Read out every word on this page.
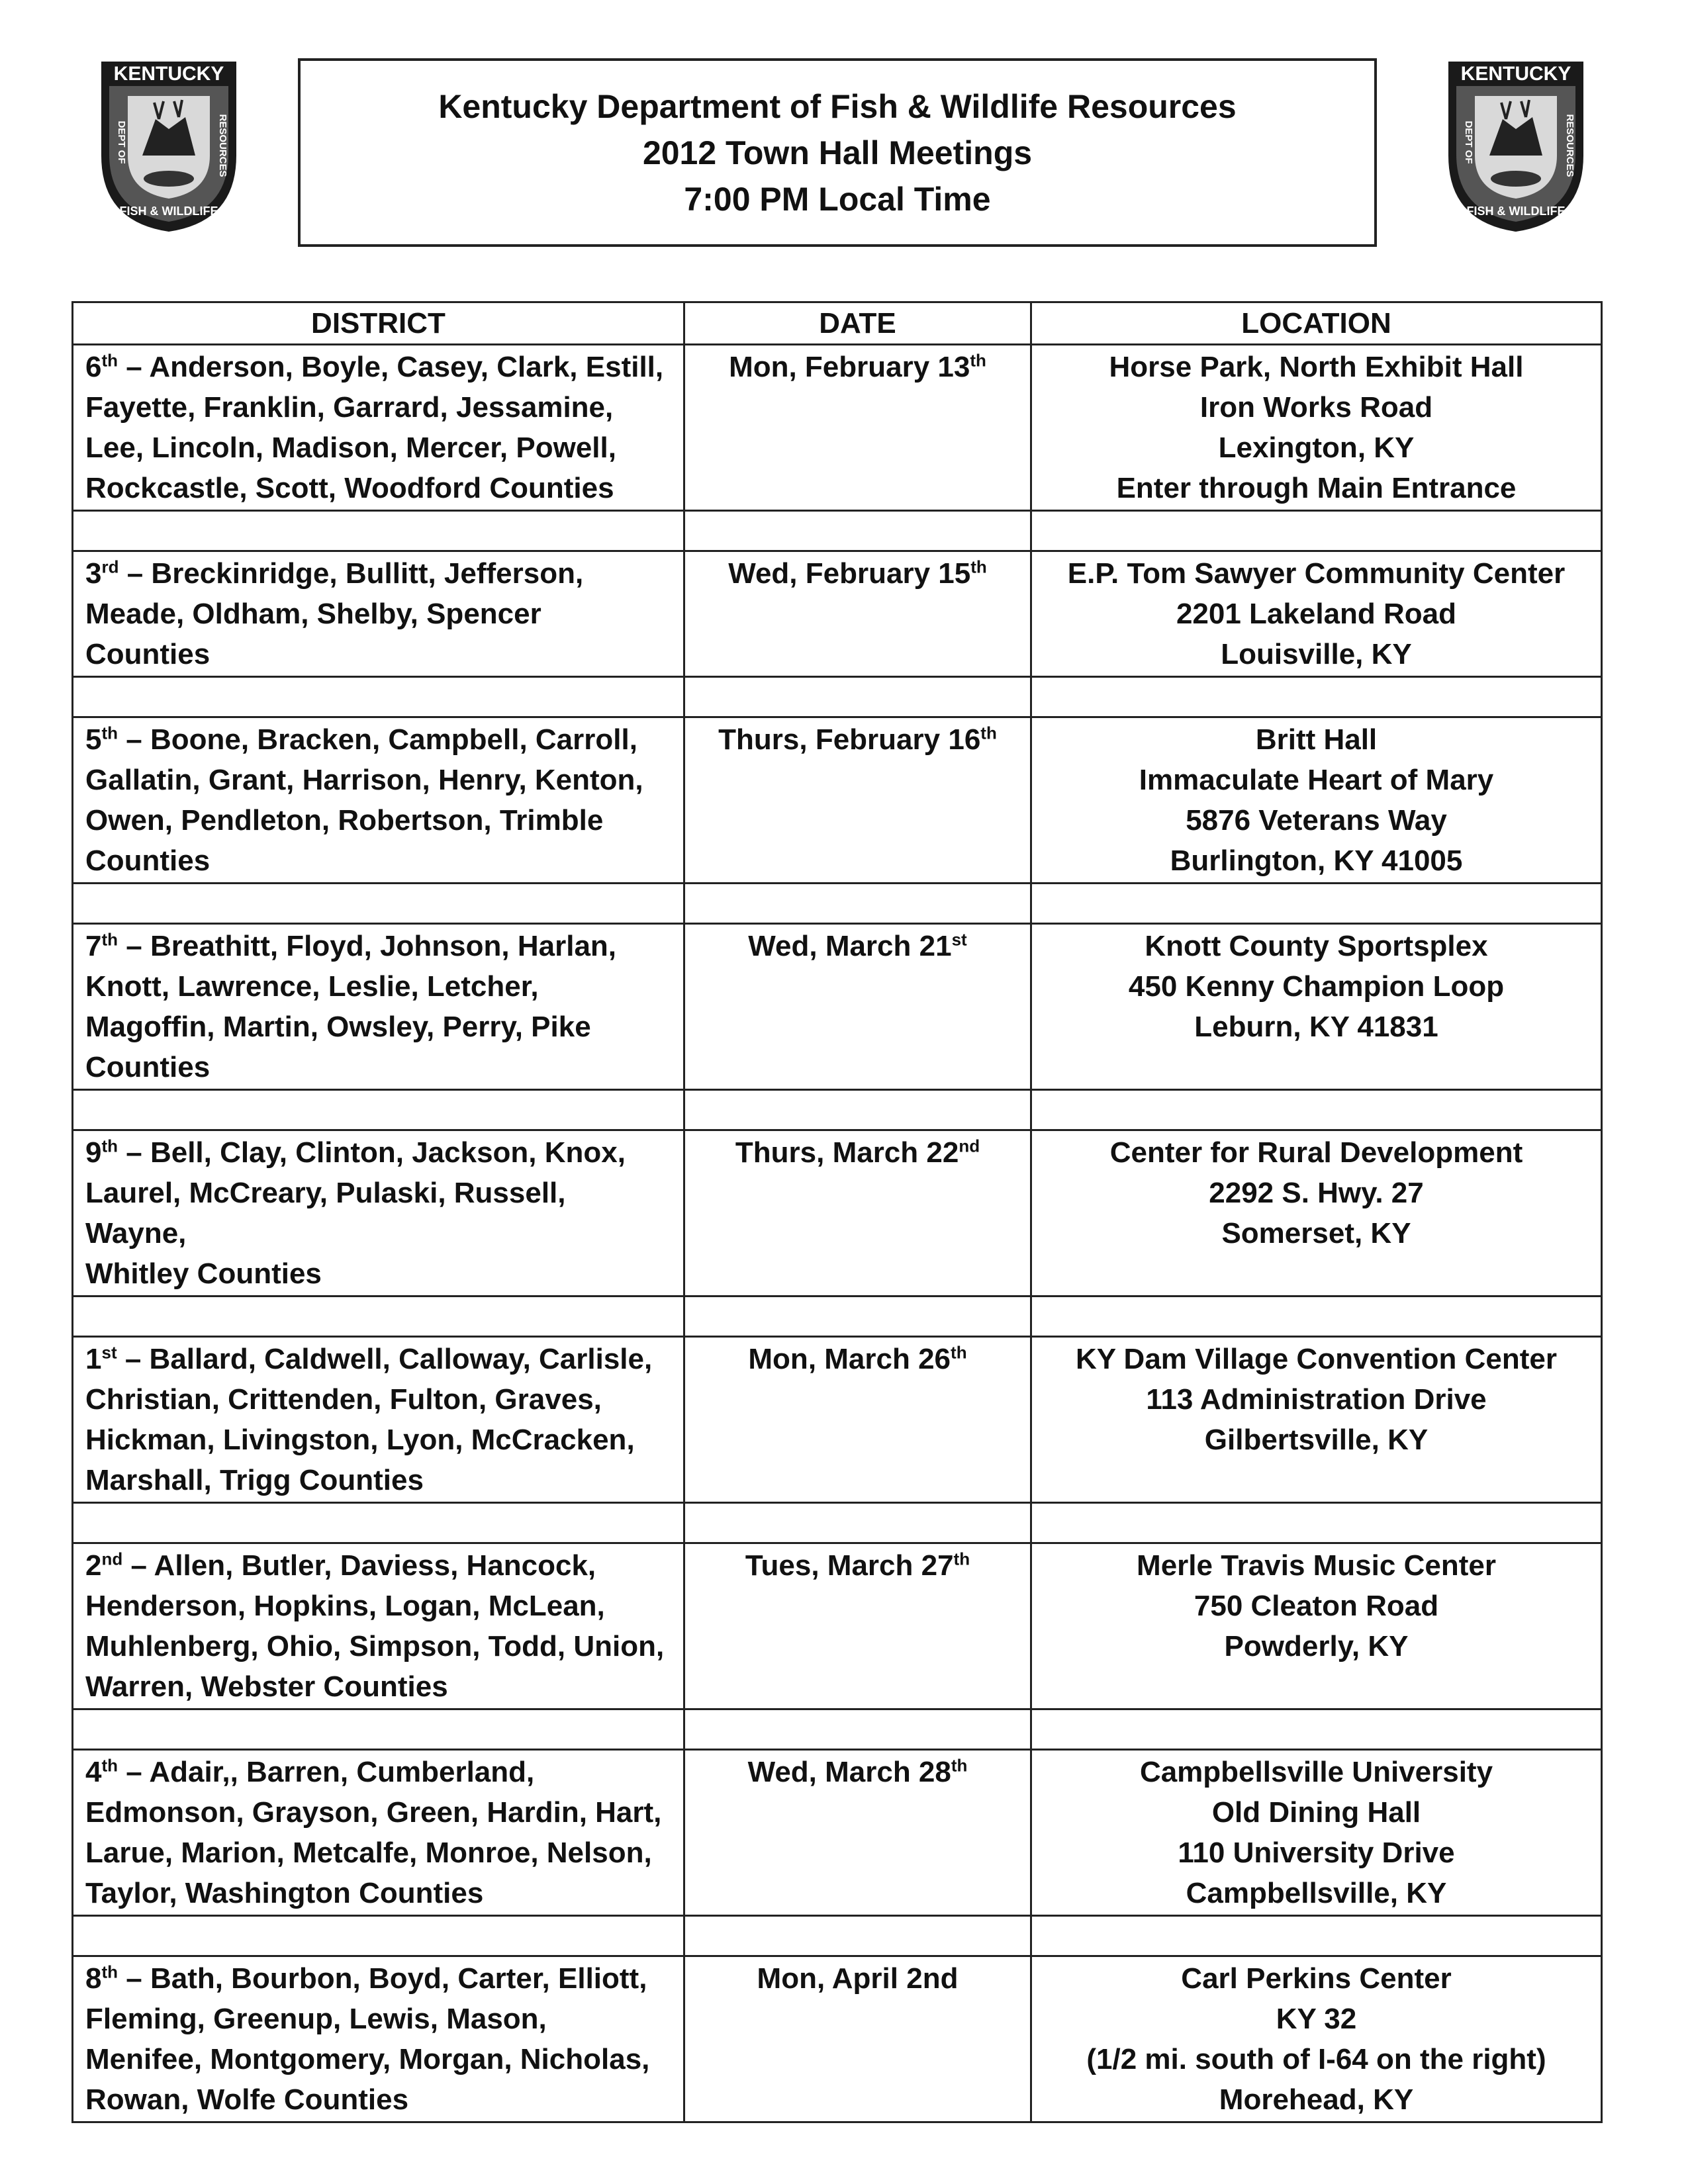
KENTUCKY
DEPT OF	RESOURCES
FISH & WILDLIFE
KENTUCKY
DEPT OF	RESOURCES
FISH & WILDLIFE
Kentucky Department of Fish & Wildlife Resources
2012 Town Hall Meetings
7:00 PM Local Time
DISTRICT	DATE	LOCATION

6th – Anderson, Boyle, Casey, Clark, Estill,
Fayette, Franklin, Garrard, Jessamine,
Lee, Lincoln, Madison, Mercer, Powell,
Rockcastle, Scott, Woodford Counties	Mon, February 13th	Horse Park, North Exhibit Hall
Iron Works Road
Lexington, KY
Enter through Main Entrance

3rd – Breckinridge, Bullitt, Jefferson,
Meade, Oldham, Shelby, Spencer
Counties	Wed, February 15th	E.P. Tom Sawyer Community Center
2201 Lakeland Road
Louisville, KY

5th – Boone, Bracken, Campbell, Carroll,
Gallatin, Grant, Harrison, Henry, Kenton,
Owen, Pendleton, Robertson, Trimble
Counties	Thurs, February 16th	Britt Hall
Immaculate Heart of Mary
5876 Veterans Way
Burlington, KY 41005

7th – Breathitt, Floyd, Johnson, Harlan,
Knott, Lawrence, Leslie, Letcher,
Magoffin, Martin, Owsley, Perry, Pike
Counties	Wed, March 21st	Knott County Sportsplex
450 Kenny Champion Loop
Leburn, KY 41831

9th – Bell, Clay, Clinton, Jackson, Knox,
Laurel, McCreary, Pulaski, Russell, Wayne,
Whitley Counties	Thurs, March 22nd	Center for Rural Development
2292 S. Hwy. 27
Somerset, KY

1st – Ballard, Caldwell, Calloway, Carlisle,
Christian, Crittenden, Fulton, Graves,
Hickman, Livingston, Lyon, McCracken,
Marshall, Trigg Counties	Mon, March 26th	KY Dam Village Convention Center
113 Administration Drive
Gilbertsville, KY

2nd – Allen, Butler, Daviess, Hancock,
Henderson, Hopkins, Logan, McLean,
Muhlenberg, Ohio, Simpson, Todd, Union,
Warren, Webster Counties	Tues, March 27th	Merle Travis Music Center
750 Cleaton Road
Powderly, KY

4th – Adair,, Barren, Cumberland,
Edmonson, Grayson, Green, Hardin, Hart,
Larue, Marion, Metcalfe, Monroe, Nelson,
Taylor, Washington Counties	Wed, March 28th	Campbellsville University
Old Dining Hall
110 University Drive
Campbellsville, KY

8th – Bath, Bourbon, Boyd, Carter, Elliott,
Fleming, Greenup, Lewis, Mason,
Menifee, Montgomery, Morgan, Nicholas,
Rowan, Wolfe Counties	Mon, April 2nd	Carl Perkins Center
KY 32
(1/2 mi. south of I-64 on the right)
Morehead, KY
